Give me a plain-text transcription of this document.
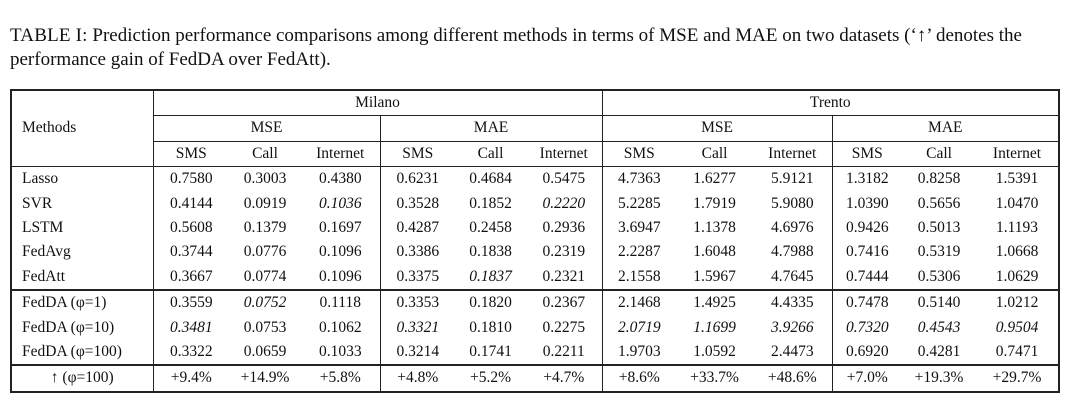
TABLE I: Prediction performance comparisons among different methods in terms of MSE and MAE on two datasets (‘↑’ denotes the performance gain of FedDA over FedAtt).
Methods	Milano						Trento					
	MSE			MAE			MSE			MAE		
	SMS	Call	Internet	SMS	Call	Internet	SMS	Call	Internet	SMS	Call	Internet
Lasso	0.7580	0.3003	0.4380	0.6231	0.4684	0.5475	4.7363	1.6277	5.9121	1.3182	0.8258	1.5391
SVR	0.4144	0.0919	0.1036	0.3528	0.1852	0.2220	5.2285	1.7919	5.9080	1.0390	0.5656	1.0470
LSTM	0.5608	0.1379	0.1697	0.4287	0.2458	0.2936	3.6947	1.1378	4.6976	0.9426	0.5013	1.1193
FedAvg	0.3744	0.0776	0.1096	0.3386	0.1838	0.2319	2.2287	1.6048	4.7988	0.7416	0.5319	1.0668
FedAtt	0.3667	0.0774	0.1096	0.3375	0.1837	0.2321	2.1558	1.5967	4.7645	0.7444	0.5306	1.0629
FedDA (φ=1)	0.3559	0.0752	0.1118	0.3353	0.1820	0.2367	2.1468	1.4925	4.4335	0.7478	0.5140	1.0212
FedDA (φ=10)	0.3481	0.0753	0.1062	0.3321	0.1810	0.2275	2.0719	1.1699	3.9266	0.7320	0.4543	0.9504
FedDA (φ=100)	0.3322	0.0659	0.1033	0.3214	0.1741	0.2211	1.9703	1.0592	2.4473	0.6920	0.4281	0.7471
↑ (φ=100)	+9.4%	+14.9%	+5.8%	+4.8%	+5.2%	+4.7%	+8.6%	+33.7%	+48.6%	+7.0%	+19.3%	+29.7%
